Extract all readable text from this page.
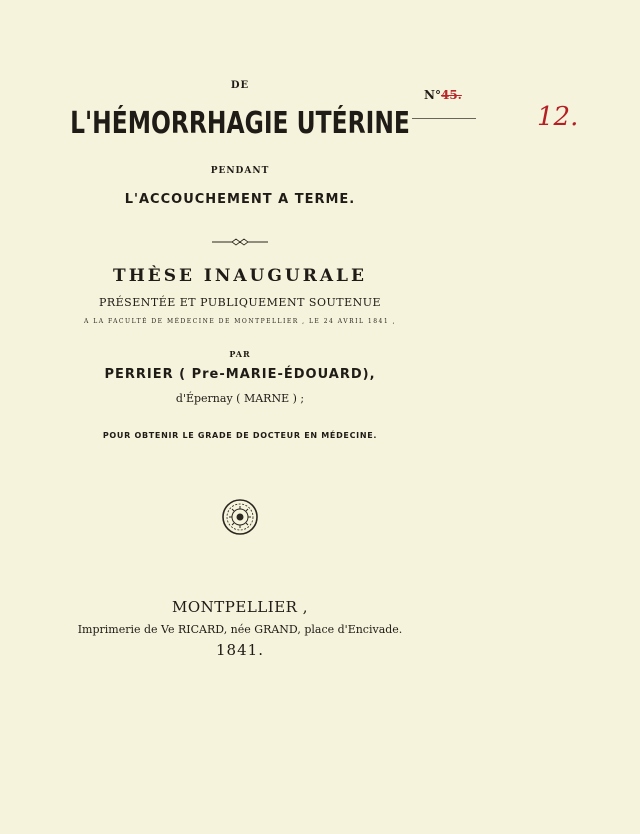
DE
L'HÉMORRHAGIE UTÉRINE
PENDANT
L'ACCOUCHEMENT A TERME.
THÈSE INAUGURALE
PRÉSENTÉE ET PUBLIQUEMENT SOUTENUE
A LA FACULTÉ DE MÉDECINE DE MONTPELLIER , LE 24 AVRIL 1841 ,
PAR
PERRIER ( Pre-MARIE-ÉDOUARD),
d'Épernay ( MARNE ) ;
POUR OBTENIR LE GRADE DE DOCTEUR EN MÉDECINE.
MONTPELLIER ,
Imprimerie de Ve RICARD, née GRAND, place d'Encivade.
1841.
N°45.
12.
